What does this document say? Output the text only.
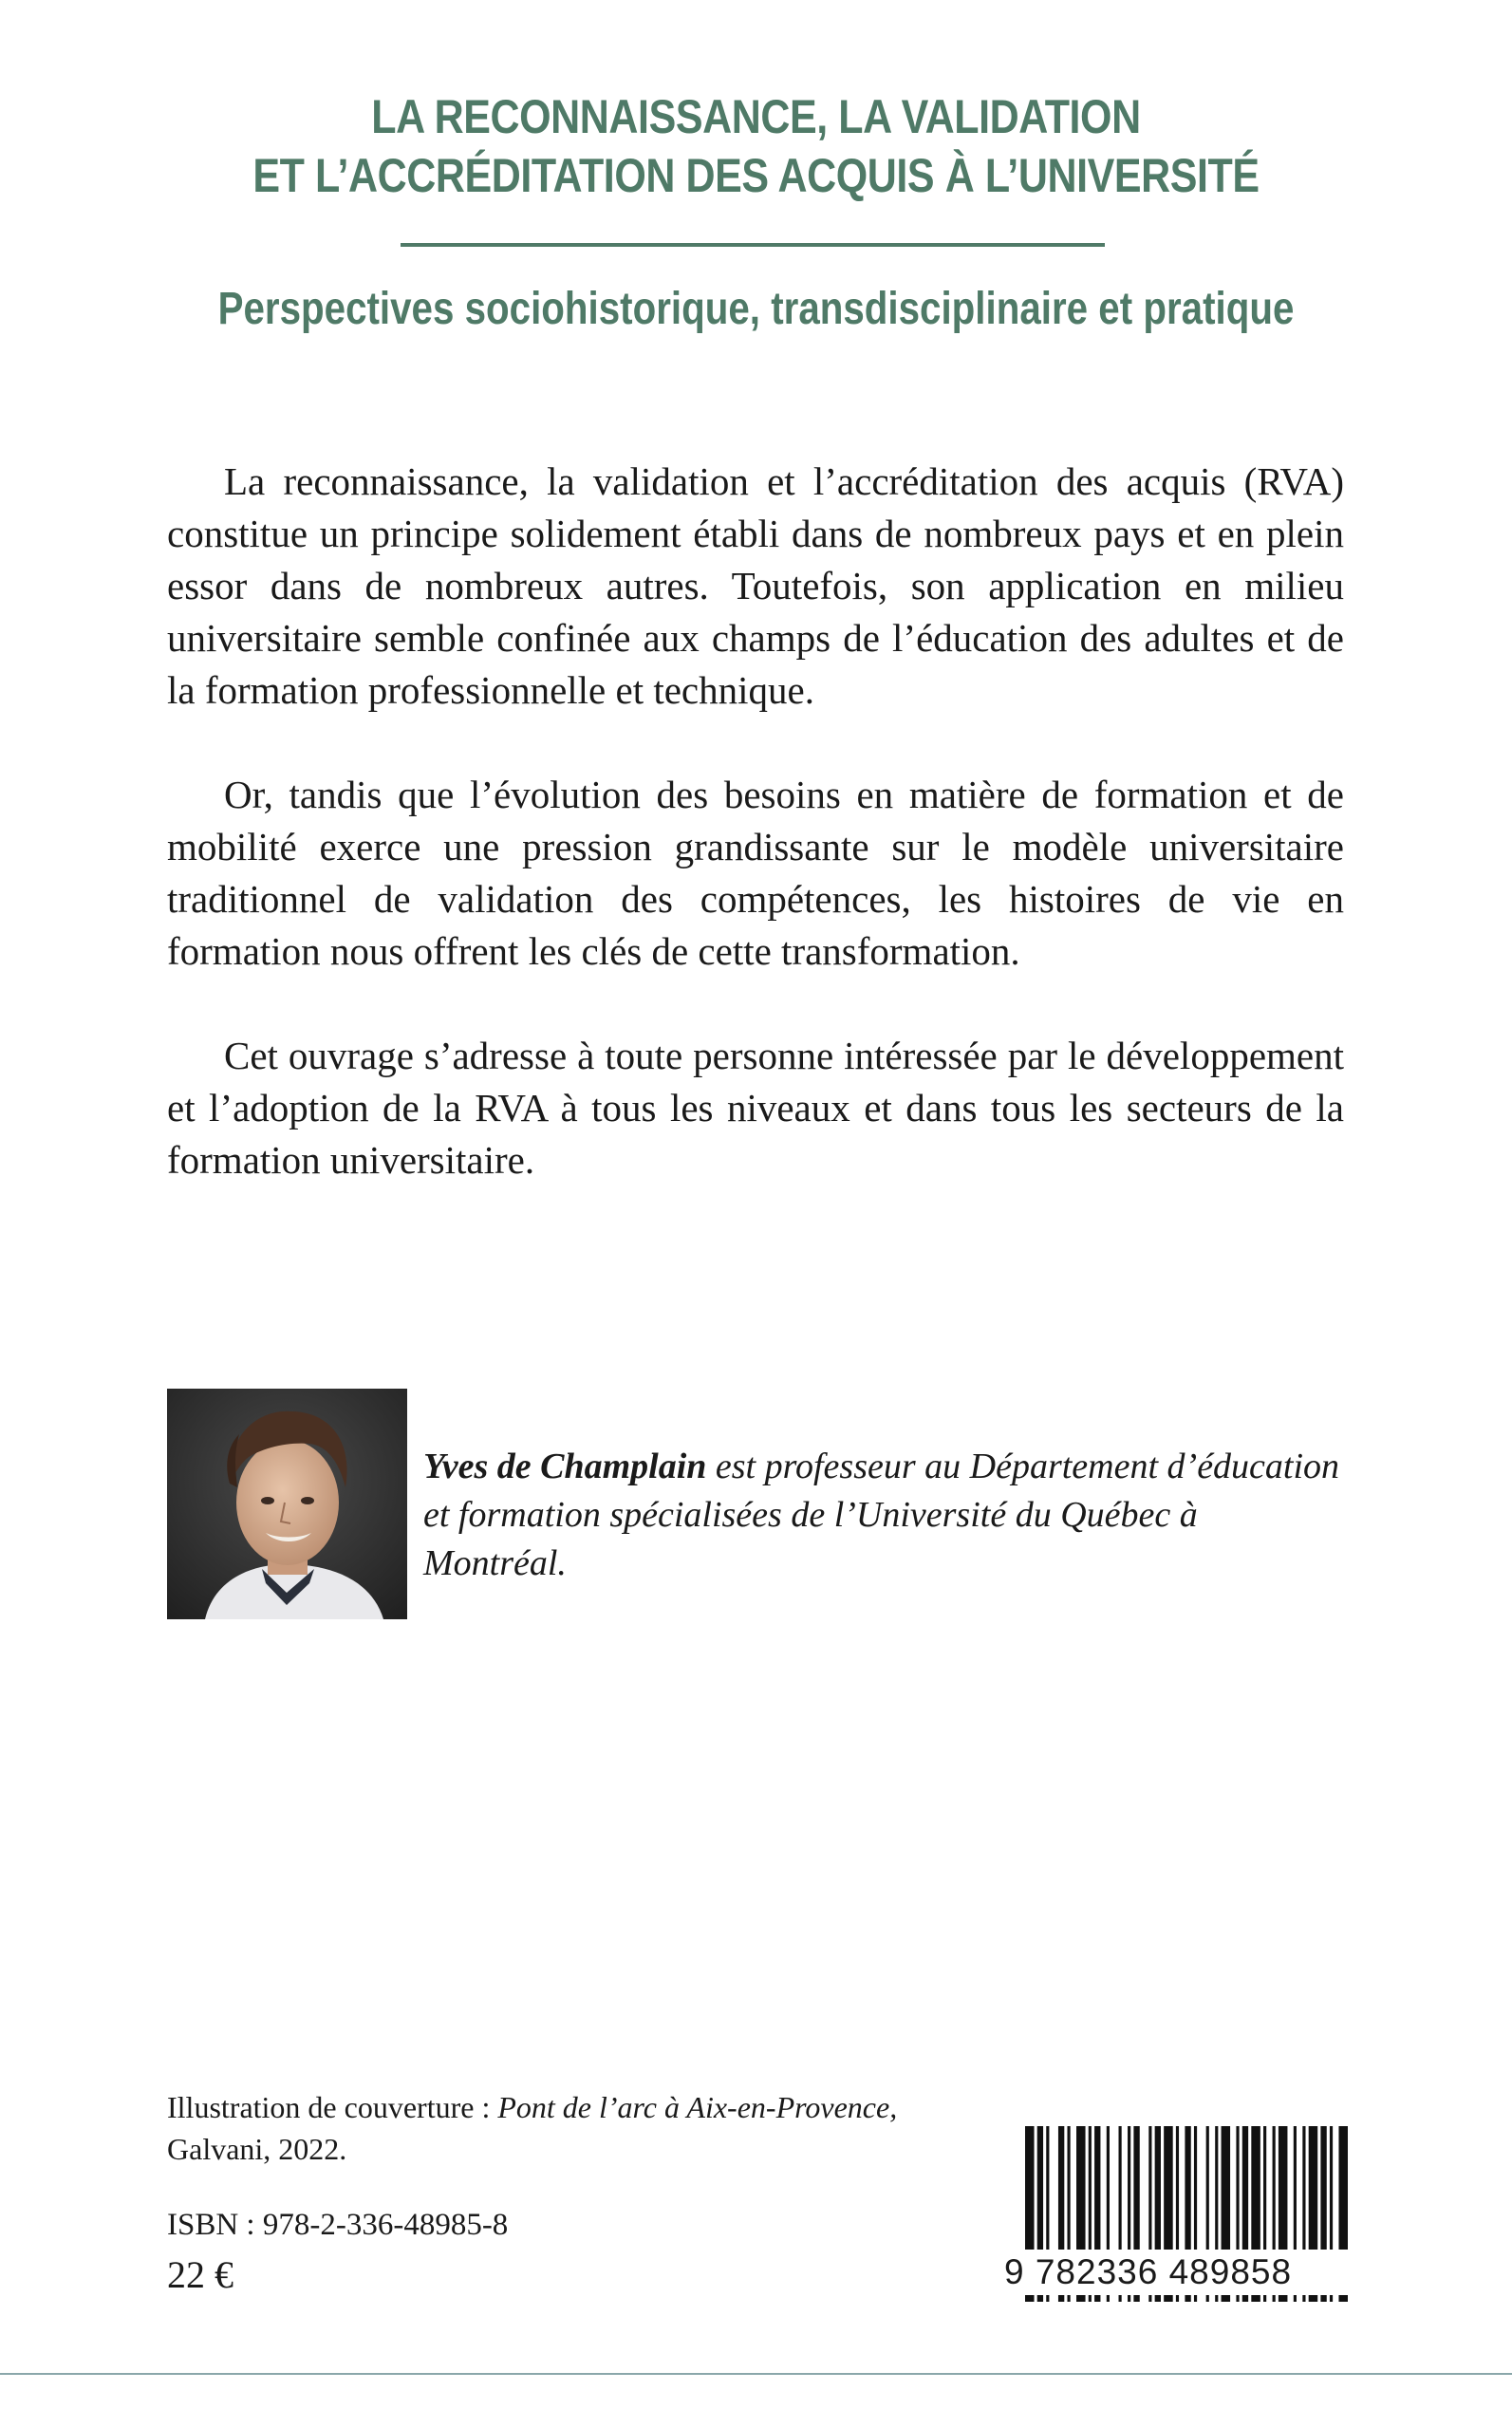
LA RECONNAISSANCE, LA VALIDATION
ET L’ACCRÉDITATION DES ACQUIS À L’UNIVERSITÉ
Perspectives sociohistorique, transdisciplinaire et pratique

La reconnaissance, la validation et l’accréditation des acquis (RVA) constitue un principe solidement établi dans de nombreux pays et en plein essor dans de nombreux autres. Toutefois, son application en milieu universitaire semble confinée aux champs de l’éducation des adultes et de la formation professionnelle et technique.

Or, tandis que l’évolution des besoins en matière de formation et de mobilité exerce une pression grandissante sur le modèle universitaire traditionnel de validation des compétences, les histoires de vie en formation nous offrent les clés de cette transformation.

Cet ouvrage s’adresse à toute personne intéressée par le développement et l’adoption de la RVA à tous les niveaux et dans tous les secteurs de la formation universitaire.

Yves de Champlain est professeur au Département d’éducation et formation spécialisées de l’Université du Québec à Montréal.
Illustration de couverture : Pont de l’arc à Aix-en-Provence,
Galvani, 2022.
ISBN : 978-2-336-48985-8
22 €	9 782336 489858
